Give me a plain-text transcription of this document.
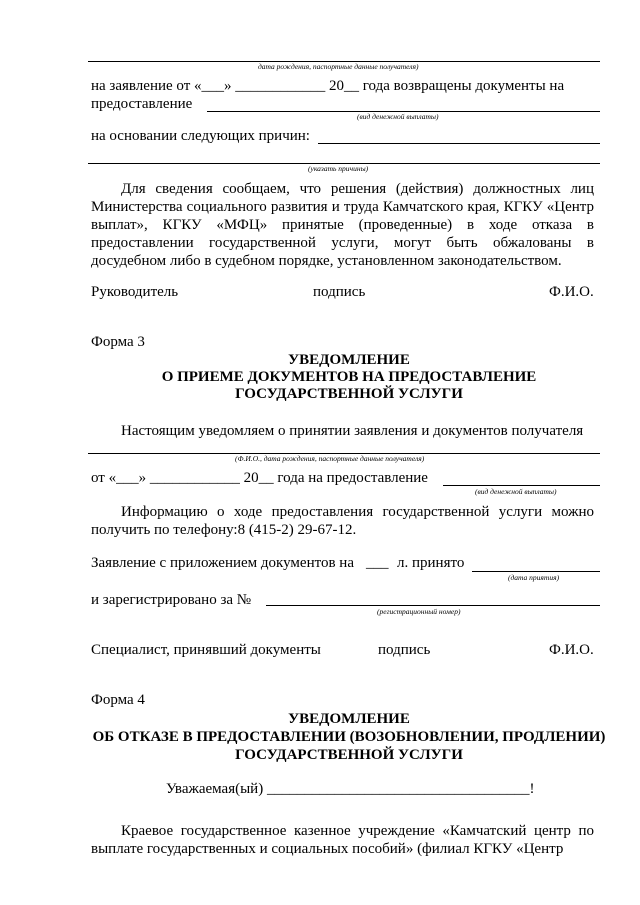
дата рождения, паспортные данные получателя)
на заявление от «___» ____________ 20__ года возвращены документы на
предоставление
(вид денежной выплаты)
на основании следующих причин:
(указать причины)
Для сведения сообщаем, что решения (действия) должностных лиц Министерства социального развития и труда Камчатского края, КГКУ «Центр выплат», КГКУ «МФЦ» принятые (проведенные) в ходе отказа в предоставлении государственной услуги, могут быть обжалованы в досудебном либо в судебном порядке, установленном законодательством.
Руководитель	подпись	Ф.И.О.
Форма 3
УВЕДОМЛЕНИЕ
О ПРИЕМЕ ДОКУМЕНТОВ НА ПРЕДОСТАВЛЕНИЕ
ГОСУДАРСТВЕННОЙ УСЛУГИ
Настоящим уведомляем о принятии заявления и документов получателя
(Ф.И.О., дата рождения, паспортные данные получателя)
от «___» ____________ 20__ года на предоставление
(вид денежной выплаты)
Информацию о ходе предоставления государственной услуги можно получить по телефону:8 (415-2) 29-67-12.
Заявление с приложением документов на ___ л. принято
(дата приятия)
и зарегистрировано за №
(регистрационный номер)
Специалист, принявший документы	подпись	Ф.И.О.
Форма 4
УВЕДОМЛЕНИЕ
ОБ ОТКАЗЕ В ПРЕДОСТАВЛЕНИИ (ВОЗОБНОВЛЕНИИ, ПРОДЛЕНИИ)
ГОСУДАРСТВЕННОЙ УСЛУГИ
Уважаемая(ый) ___________________________________!
Краевое государственное казенное учреждение «Камчатский центр по выплате государственных и социальных пособий» (филиал КГКУ «Центр
